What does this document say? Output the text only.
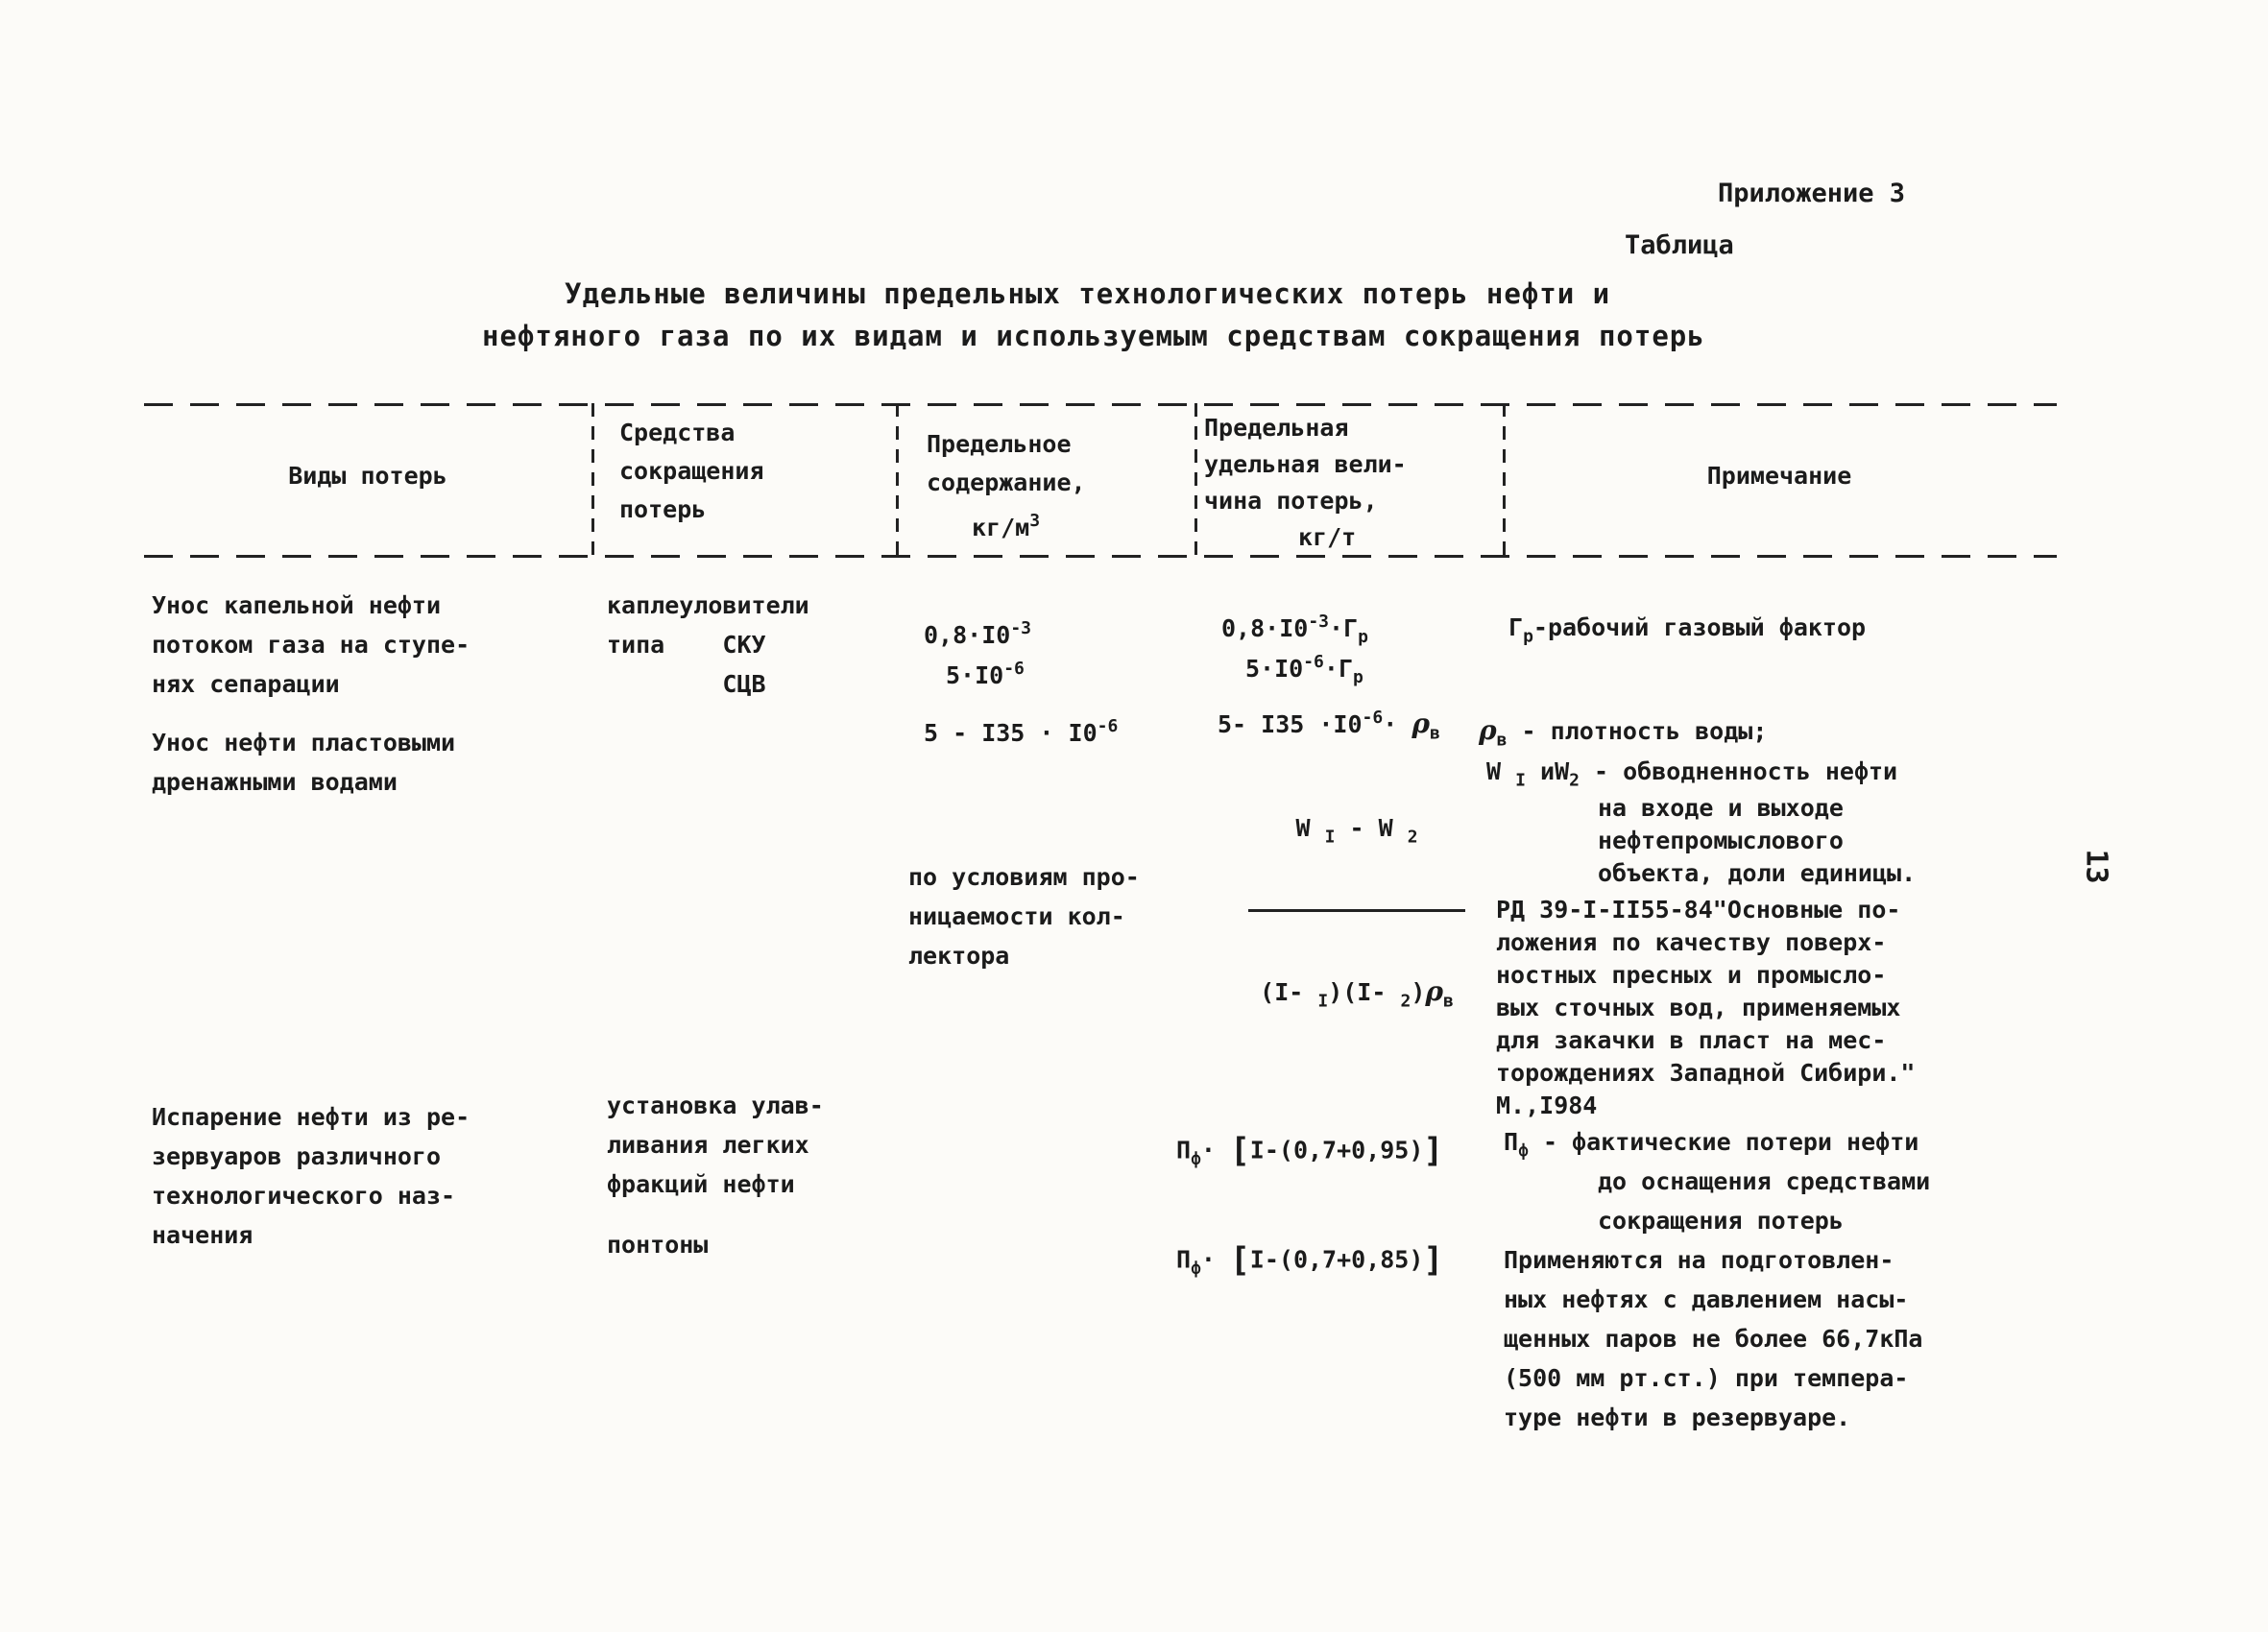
Приложение 3
Таблица
Удельные величины предельных технологических потерь нефти и
нефтяного газа по их видам и используемым средствам сокращения потерь
Виды потерь
Средства
сокращения
потерь
Предельное
содержание,
$кг/м^3$
Предельная
удельная вели-
чина потерь,
кг/т
Примечание
Унос капельной нефти
потоком газа на ступе-
нях сепарации
каплеуловители
типа    СКУ
СЦВ
$0,8\cdot I0^{-3}$
$5\cdot I0^{-6}$
$0,8\cdot I0^{-3}\cdot Г_р$
$5\cdot I0^{-6}\cdot Г_р$
$Г_р$-рабочий газовый фактор
Унос нефти пластовыми
дренажными водами
$5 - I35 \cdot I0^{-6}$
по условиям про-
ницаемости кол-
лектора
5- $I35 \cdot I0^{-6}\cdot \rho_в$

W $_I$ - W $_2$

(I- $_I$)(I- $_2)\rho_в$

$\rho_в$ - плотность воды;
W $_I$ $иW_2$ - обводненность нефти
на входе и выходе
нефтепромыслового
объекта, доли единицы.
РД 39-I-II55-84"Основные по-
ложения по качеству поверх-
ностных пресных и промысло-
вых сточных вод, применяемых
для закачки в пласт на мес-
торождениях Западной Сибири."
М.,I984
Испарение нефти из ре-
зервуаров различного
технологического наз-
начения
установка улав-
ливания легких
фракций нефти
понтоны
$П_ф\cdot [I-(0,7+0,95)]$
$П_ф\cdot [I-(0,7+0,85)]$
$П_ф$ - фактические потери нефти
до оснащения средствами
сокращения потерь
Применяются на подготовлен-
ных нефтях с давлением насы-
щенных паров не более 66,7кПа
(500 мм рт.ст.) при темпера-
туре нефти в резервуаре.
13
